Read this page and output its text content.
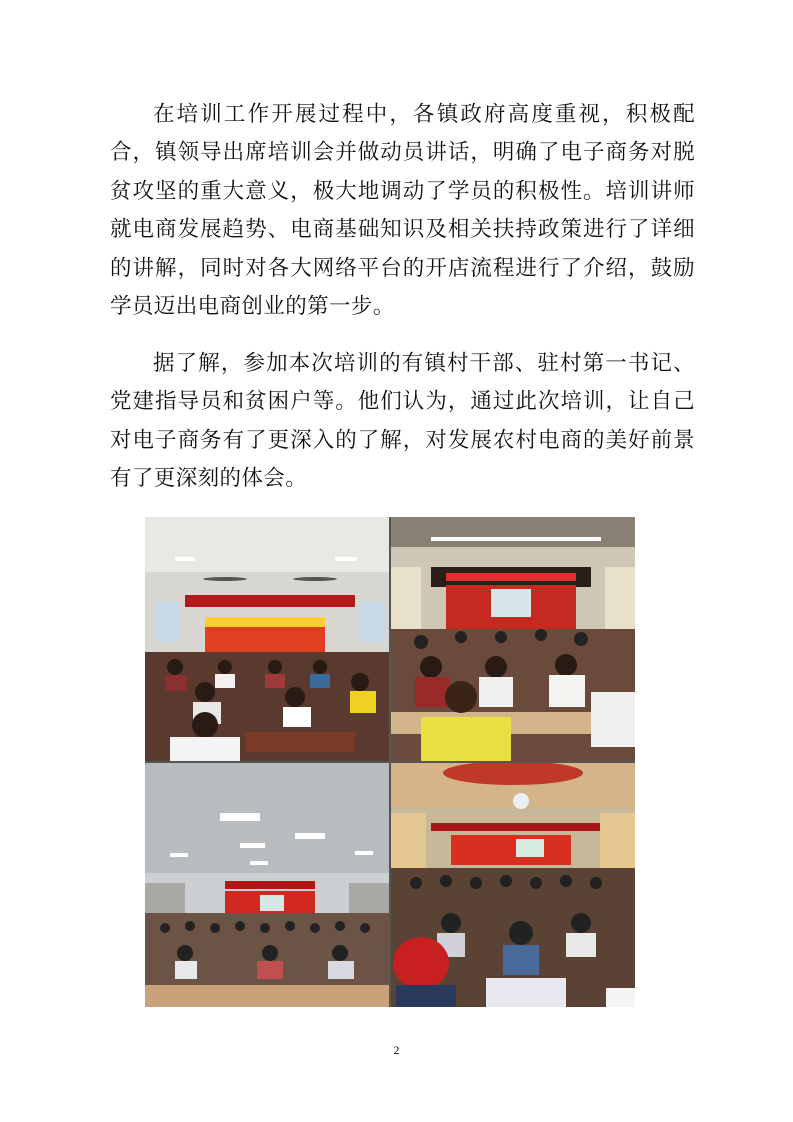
在培训工作开展过程中，各镇政府高度重视，积极配合，镇领导出席培训会并做动员讲话，明确了电子商务对脱贫攻坚的重大意义，极大地调动了学员的积极性。培训讲师就电商发展趋势、电商基础知识及相关扶持政策进行了详细的讲解，同时对各大网络平台的开店流程进行了介绍，鼓励学员迈出电商创业的第一步。

据了解，参加本次培训的有镇村干部、驻村第一书记、党建指导员和贫困户等。他们认为，通过此次培训，让自己对电子商务有了更深入的了解，对发展农村电商的美好前景有了更深刻的体会。

2
